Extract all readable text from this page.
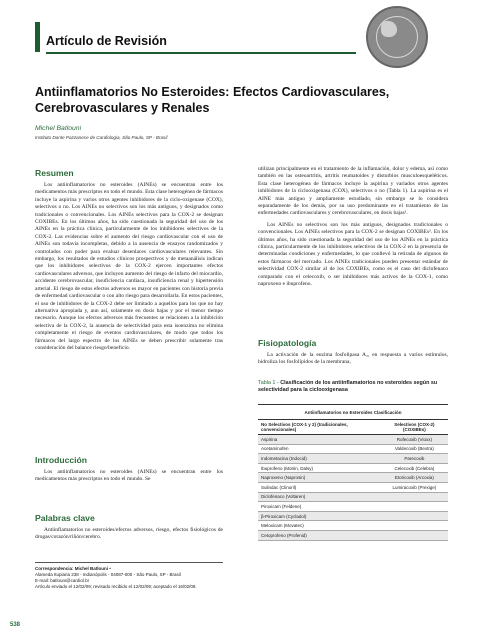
Artículo de Revisión
Antiinflamatorios No Esteroides: Efectos Cardiovasculares, Cerebrovasculares y Renales
Michel Batlouni
Instituto Dante Pazzanese de Cardiologia, São Paulo, SP - Brasil
Resumen

Los antiinflamatorios no esteroides (AINEs) se encuentran entre los medicamentos más prescriptos en todo el mundo. Esta clase heterogénea de fármacos incluye la aspirina y varios otros agentes inhibidores de la ciclo-oxigenase (COX), selectivos o no. Los AINEs no selectivos son los más antiguos, y designados como tradicionales o convencionales. Los AINEs selectivos para la COX-2 se designan COXIBEs. En los últimos años, ha sido cuestionada la seguridad del uso de los AINEs en la práctica clínica, particularmente de los inhibidores selectivos de la COX-2. Las evidencias sobre el aumento del riesgo cardiovascular con el uso de AINEs son todavía incompletas, debido a la ausencia de ensayos randomizados y controlados con poder para evaluar desenlaces cardiovasculares relevantes. Sin embargo, los resultados de estudios clínicos prospectivos y de metaanálisis indican que los inhibidores selectivos de la COX-2 ejercen importantes efectos cardiovasculares adversos, que incluyen aumento del riesgo de infarto del miocardio, accidente cerebrovascular, insuficiencia cardiaca, insuficiencia renal y hipertensión arterial. El riesgo de estos efectos adversos es mayor en pacientes con historia previa de enfermedad cardiovascular o con alto riesgo para desarrollarla. En estos pacientes, el uso de inhibidores de la COX-2 debe ser limitado a aquellos para los que no hay alternativa apropiada y, aun así, solamente en dosis bajas y por el menor tiempo necesario. Aunque los efectos adversos más frecuentes se relacionen a la inhibición selectiva de la COX-2, la ausencia de selectividad para esta isoenzima no elimina completamente el riesgo de eventos cardiovasculares, de modo que todos los fármacos del largo espectro de los AINEs se deben prescribir solamente tras consideración del balance riesgo/beneficio.

Introducción

Los antiinflamatorios no esteroides (AINEs) se encuentran entre los medicamentos más prescriptos en todo el mundo. Se

Palabras clave

Antiinflamatorios no esteroides/efectos adversos, riesgo, efectos fisiológicos de drogas/corazón/riñón/cerebro.

Correspondencia: Michel Batlouni •

Alameda Itupiaria 238 - Indianópolis - 04087-000 - São Paulo, SP - Brasil

E-mail: batlouni@cardiol.br

Artículo enviado el 12/02/09; revisado recibido el 12/02/09; aceptado el 16/02/09.

utilizan principalmente en el tratamiento de la inflamación, dolor y edema, así como también en las osteoartritis, artritis reumatoides y disturbios musculoesqueléticos. Esta clase heterogénea de fármacos incluye la aspirina y variados otros agentes inhibidores de la ciclooxigenasa (COX), selectivos o no (Tabla 1). La aspirina es el AINE más antiguo y ampliamente estudiado, sin embargo se lo considera separadamente de los demás, por su uso predominante en el tratamiento de las enfermedades cardiovasculares y cerebrovasculares, en dosis bajas¹.

Los AINEs no selectivos son los más antiguos, designados tradicionales o convencionales. Los AINEs selectivos para la COX-2 se designan COXIBEs². En los últimos años, ha sido cuestionada la seguridad del uso de los AINEs en la práctica clínica, particularmente de los inhibidores selectivos de la COX-2 en la presencia de determinadas condiciones y enfermedades, lo que conllevó la retirada de algunos de estos fármacos del mercado. Los AINEs tradicionales pueden presentar estándar de selectividad COX-2 similar al de los COXIBEs, como es el caso del diclofenaco comparado con el celecoxib, o ser inhibidores más activos de la COX-1, como naproxeno e ibuprofeno.

Fisiopatología

La activación de la enzima fosfolipasa A₂, en respuesta a varios estímulos, hidroliza los fosfolípidos de la membrana,

Tabla 1 - Clasificación de los antiinflamatorios no esteroides según su selectividad para la ciclooxigenasa
Antiinflamatorios no Esteroides Clasificación	
No Selectivos (COX-1 y 2) (tradicionales, convencionales)	Selectivos (COX-2) (COXIBEs)
Aspirina	Rofecoxib (Vioxx)
Acetaminofen	Valdecoxib (Bextra)
Indometacina (Indocid)	Parecoxib
Ibuprofeno (Motrin, Dalsy)	Celecoxib (Celebra)
Naproxeno (Naprosin)	Etoricoxib (Arcoxia)
Sulindac (Clinoril)	Lumiracoxib (Prexige)
Diclofenaco (Voltaren)	
Piroxicam (Feldene)	
β-Piroxicam (Cycladol)	
Meloxicam (Movatec)	
Cetoprofeno (Profenid)	
538
